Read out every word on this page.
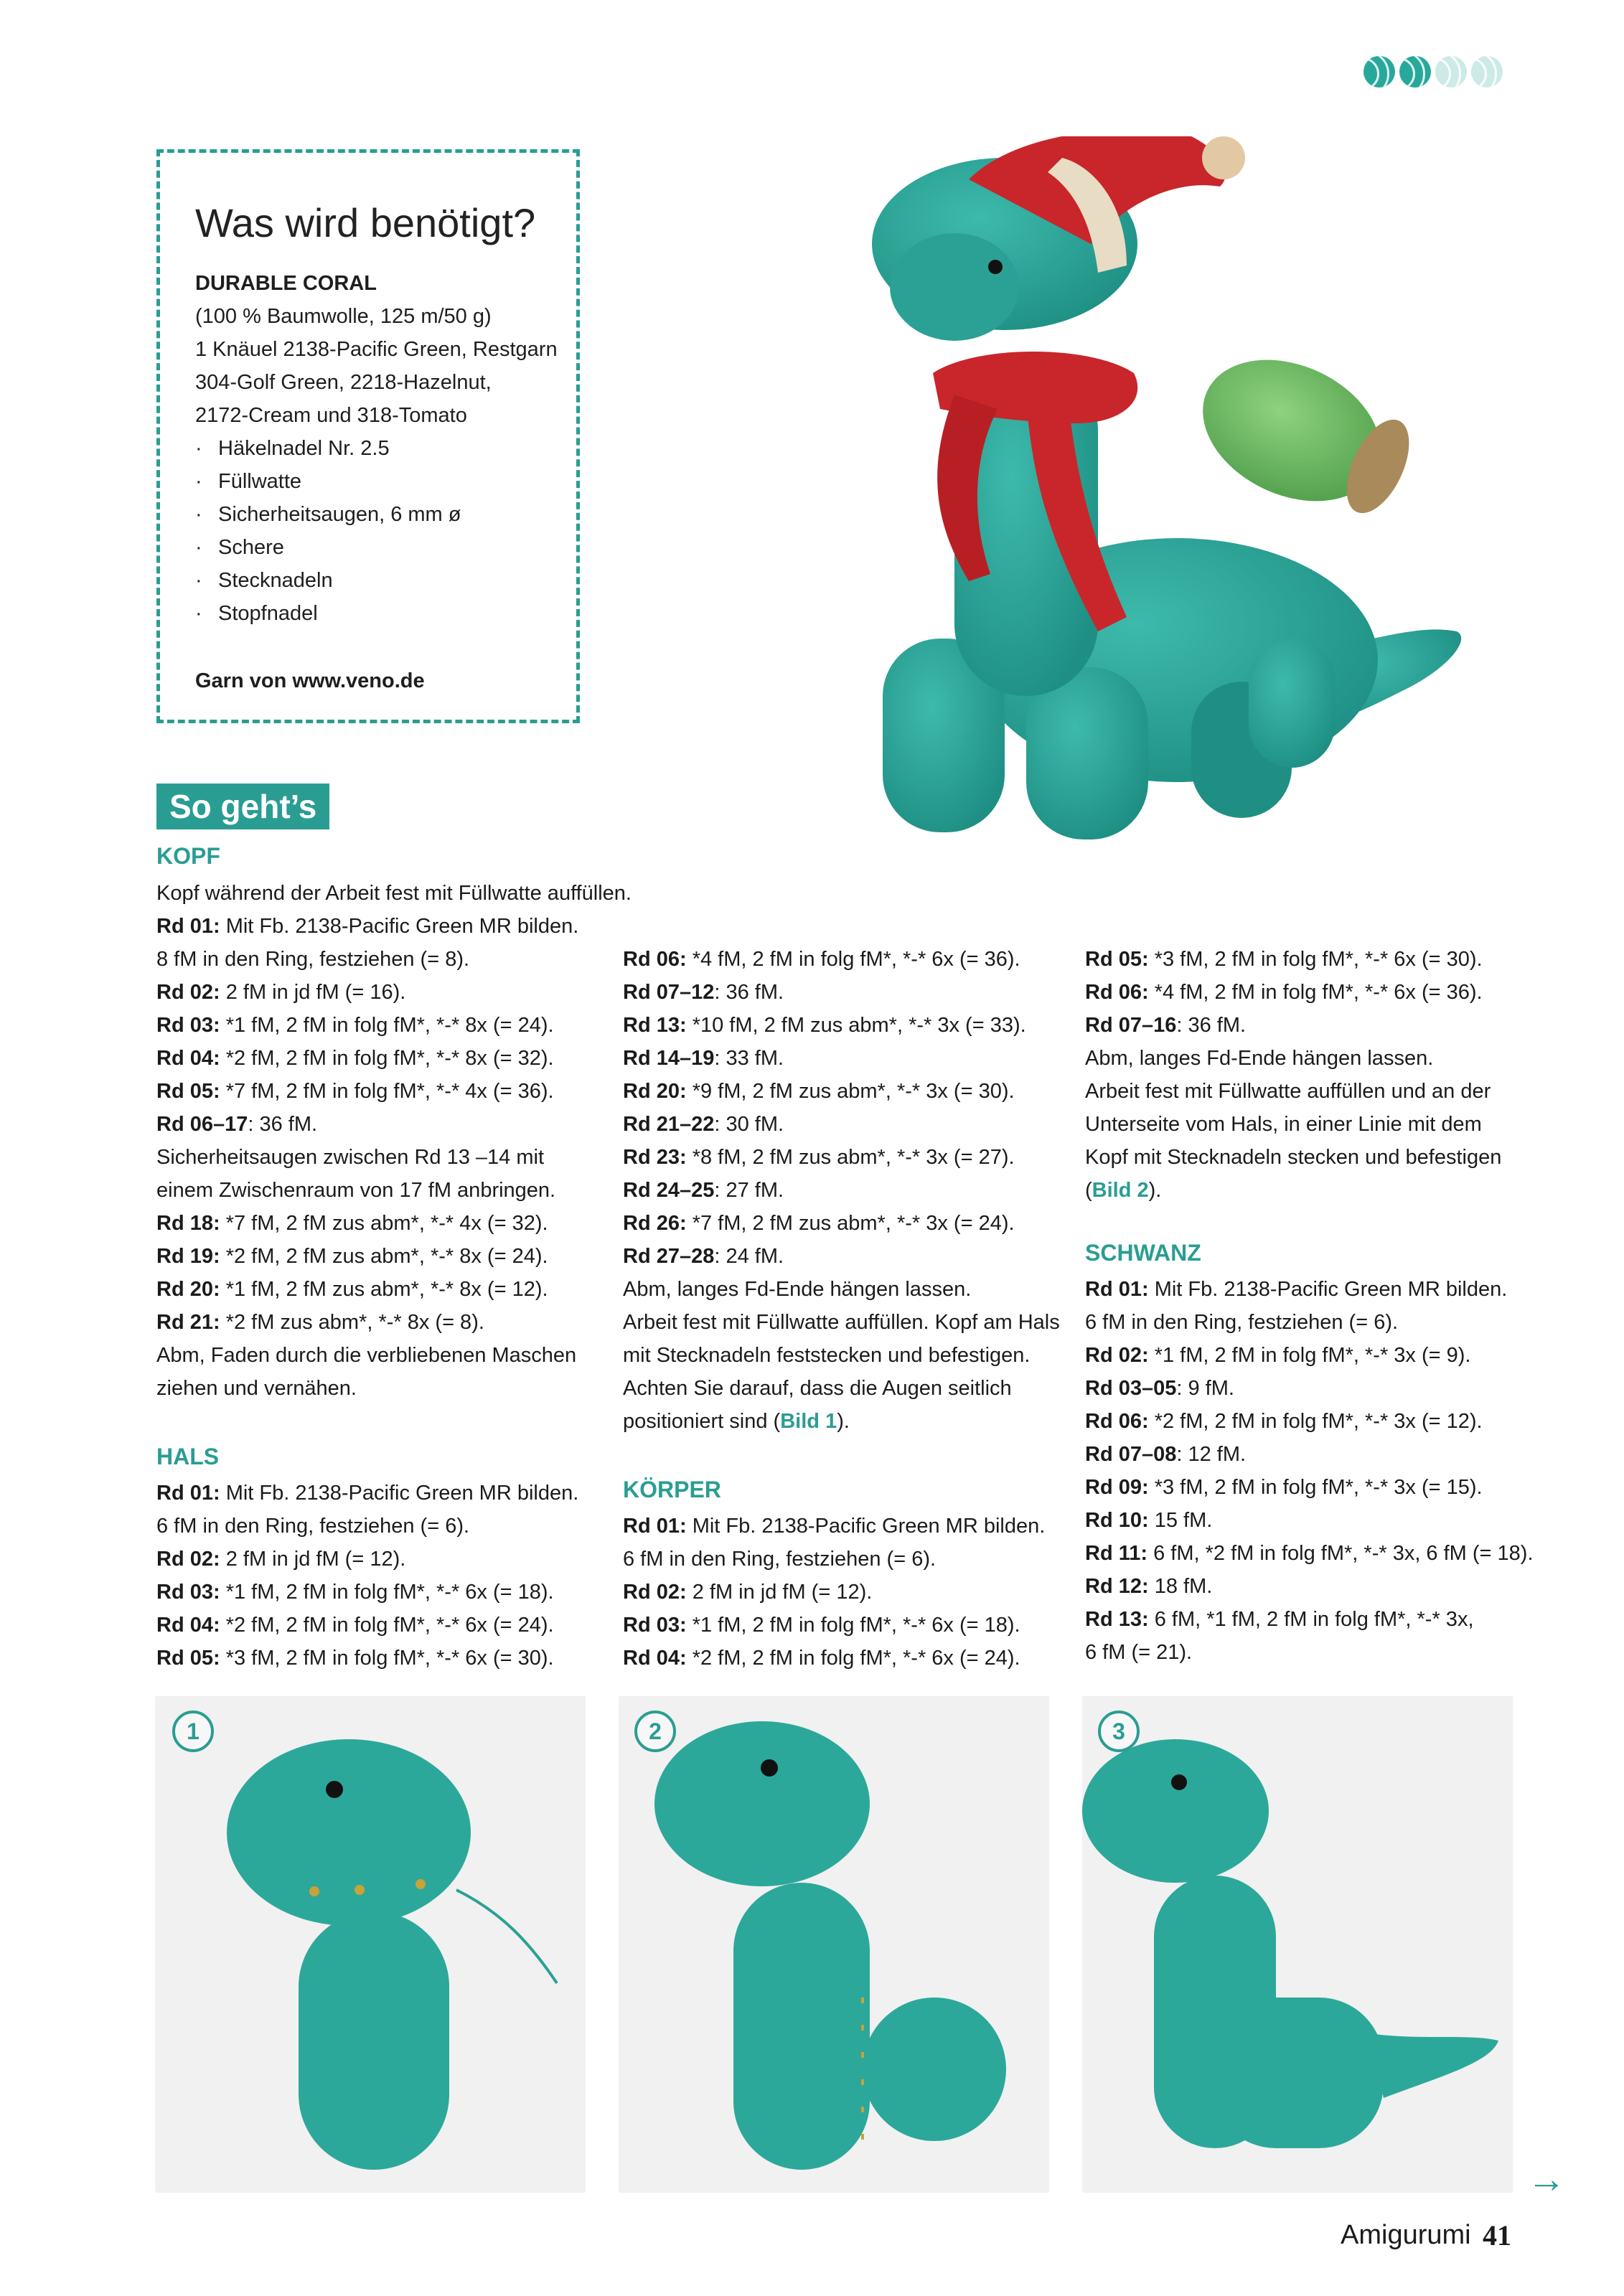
Was wird benötigt?
DURABLE CORAL
(100 % Baumwolle, 125 m/50 g)
1 Knäuel 2138-Pacific Green, Restgarn
304-Golf Green, 2218-Hazelnut,
2172-Cream und 318-Tomato
· Häkelnadel Nr. 2.5
· Füllwatte
· Sicherheitsaugen, 6 mm ø
· Schere
· Stecknadeln
· Stopfnadel
Garn von www.veno.de
So geht’s
KOPF
Kopf während der Arbeit fest mit Füllwatte auffüllen.
Rd 01: Mit Fb. 2138-Pacific Green MR bilden.
8 fM in den Ring, festziehen (= 8).
Rd 02: 2 fM in jd fM (= 16).
Rd 03: *1 fM, 2 fM in folg fM*, *-* 8x (= 24).
Rd 04: *2 fM, 2 fM in folg fM*, *-* 8x (= 32).
Rd 05: *7 fM, 2 fM in folg fM*, *-* 4x (= 36).
Rd 06–17: 36 fM.
Sicherheitsaugen zwischen Rd 13 –14 mit
einem Zwischenraum von 17 fM anbringen.
Rd 18: *7 fM, 2 fM zus abm*, *-* 4x (= 32).
Rd 19: *2 fM, 2 fM zus abm*, *-* 8x (= 24).
Rd 20: *1 fM, 2 fM zus abm*, *-* 8x (= 12).
Rd 21: *2 fM zus abm*, *-* 8x (= 8).
Abm, Faden durch die verbliebenen Maschen
ziehen und vernähen.
HALS
Rd 01: Mit Fb. 2138-Pacific Green MR bilden.
6 fM in den Ring, festziehen (= 6).
Rd 02: 2 fM in jd fM (= 12).
Rd 03: *1 fM, 2 fM in folg fM*, *-* 6x (= 18).
Rd 04: *2 fM, 2 fM in folg fM*, *-* 6x (= 24).
Rd 05: *3 fM, 2 fM in folg fM*, *-* 6x (= 30).
Rd 06: *4 fM, 2 fM in folg fM*, *-* 6x (= 36).
Rd 07–12: 36 fM.
Rd 13: *10 fM, 2 fM zus abm*, *-* 3x (= 33).
Rd 14–19: 33 fM.
Rd 20: *9 fM, 2 fM zus abm*, *-* 3x (= 30).
Rd 21–22: 30 fM.
Rd 23: *8 fM, 2 fM zus abm*, *-* 3x (= 27).
Rd 24–25: 27 fM.
Rd 26: *7 fM, 2 fM zus abm*, *-* 3x (= 24).
Rd 27–28: 24 fM.
Abm, langes Fd-Ende hängen lassen.
Arbeit fest mit Füllwatte auffüllen. Kopf am Hals
mit Stecknadeln feststecken und befestigen.
Achten Sie darauf, dass die Augen seitlich
positioniert sind (Bild 1).
KÖRPER
Rd 01: Mit Fb. 2138-Pacific Green MR bilden.
6 fM in den Ring, festziehen (= 6).
Rd 02: 2 fM in jd fM (= 12).
Rd 03: *1 fM, 2 fM in folg fM*, *-* 6x (= 18).
Rd 04: *2 fM, 2 fM in folg fM*, *-* 6x (= 24).
Rd 05: *3 fM, 2 fM in folg fM*, *-* 6x (= 30).
Rd 06: *4 fM, 2 fM in folg fM*, *-* 6x (= 36).
Rd 07–16: 36 fM.
Abm, langes Fd-Ende hängen lassen.
Arbeit fest mit Füllwatte auffüllen und an der
Unterseite vom Hals, in einer Linie mit dem
Kopf mit Stecknadeln stecken und befestigen
(Bild 2).
SCHWANZ
Rd 01: Mit Fb. 2138-Pacific Green MR bilden.
6 fM in den Ring, festziehen (= 6).
Rd 02: *1 fM, 2 fM in folg fM*, *-* 3x (= 9).
Rd 03–05: 9 fM.
Rd 06: *2 fM, 2 fM in folg fM*, *-* 3x (= 12).
Rd 07–08: 12 fM.
Rd 09: *3 fM, 2 fM in folg fM*, *-* 3x (= 15).
Rd 10: 15 fM.
Rd 11: 6 fM, *2 fM in folg fM*, *-* 3x, 6 fM (= 18).
Rd 12: 18 fM.
Rd 13: 6 fM, *1 fM, 2 fM in folg fM*, *-* 3x,
6 fM (= 21).
1	2	3
→
Amigurumi 41
